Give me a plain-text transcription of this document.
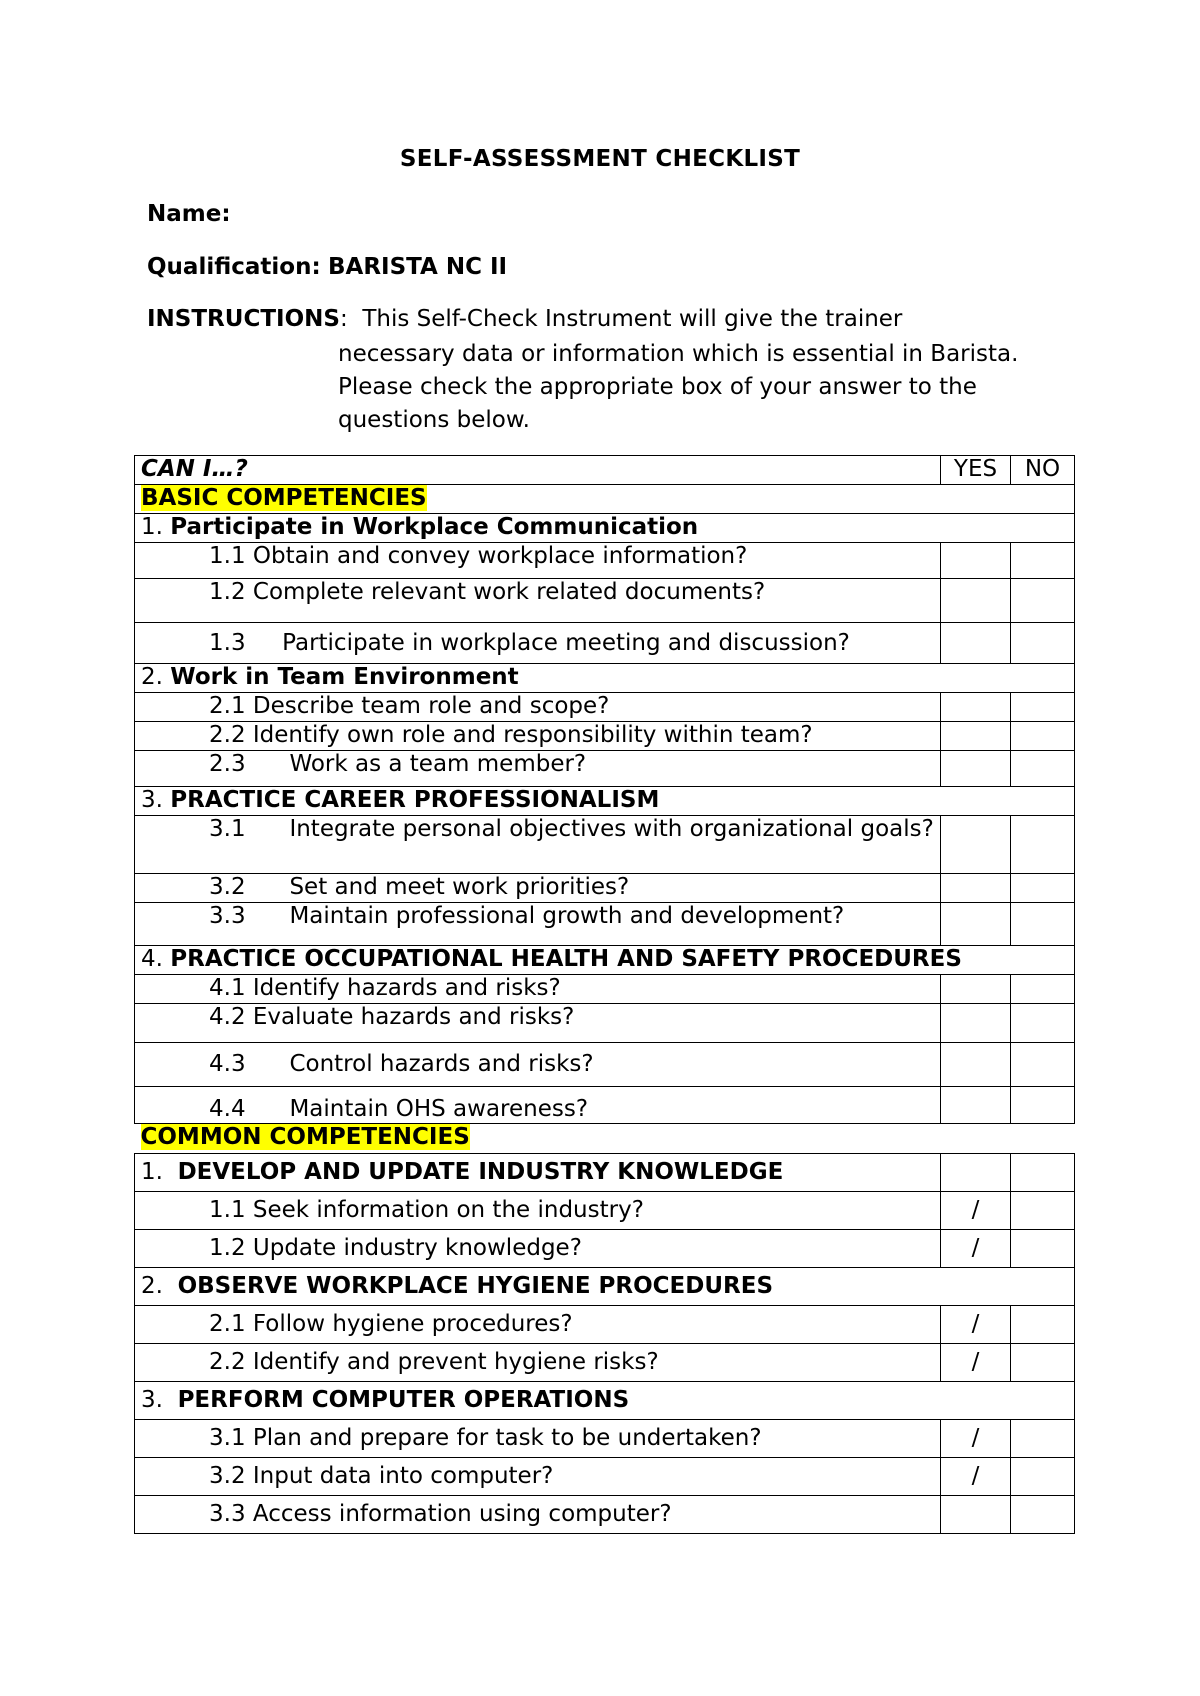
SELF-ASSESSMENT CHECKLIST
Name:
Qualification: BARISTA NC II
INSTRUCTIONS:  This Self-Check Instrument will give the trainer
necessary data or information which is essential in Barista.
Please check the appropriate box of your answer to the
questions below.
CAN I…?	YES	NO
BASIC COMPETENCIES		
1. Participate in Workplace Communication		
1.1 Obtain and convey workplace information?		
1.2 Complete relevant work related documents?		
1.3     Participate in workplace meeting and discussion?		
2. Work in Team Environment		
2.1 Describe team role and scope?		
2.2 Identify own role and responsibility within team?		
2.3      Work as a team member?		
3. PRACTICE CAREER PROFESSIONALISM		
3.1      Integrate personal objectives with organizational goals?		
3.2      Set and meet work priorities?		
3.3      Maintain professional growth and development?		
4. PRACTICE OCCUPATIONAL HEALTH AND SAFETY PROCEDURES		
4.1 Identify hazards and risks?		
4.2 Evaluate hazards and risks?		
4.3      Control hazards and risks?		
4.4      Maintain OHS awareness?		
COMMON COMPETENCIES		
1. DEVELOP AND UPDATE INDUSTRY KNOWLEDGE		
1.1 Seek information on the industry?	/	
1.2 Update industry knowledge?	/	
2. OBSERVE WORKPLACE HYGIENE PROCEDURES		
2.1 Follow hygiene procedures?	/	
2.2 Identify and prevent hygiene risks?	/	
3. PERFORM COMPUTER OPERATIONS		
3.1 Plan and prepare for task to be undertaken?	/	
3.2 Input data into computer?	/	
3.3 Access information using computer?		
